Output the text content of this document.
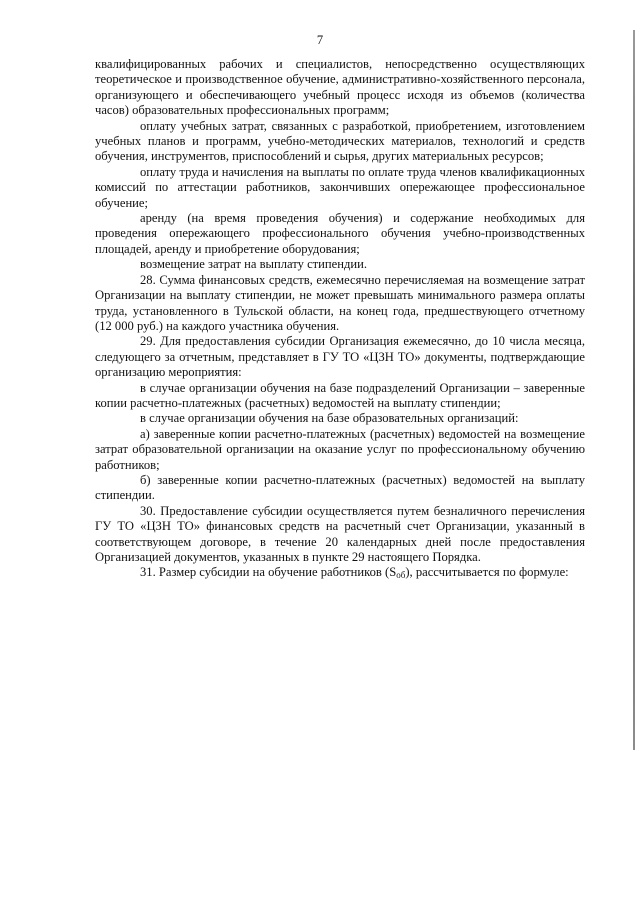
7

квалифицированных рабочих и специалистов, непосредственно осуществляющих теоретическое и производственное обучение, административно-хозяйственного персонала, организующего и обеспечивающего учебный процесс исходя из объемов (количества часов) образовательных профессиональных программ;

оплату учебных затрат, связанных с разработкой, приобретением, изготовлением учебных планов и программ, учебно-методических материалов, технологий и средств обучения, инструментов, приспособлений и сырья, других материальных ресурсов;

оплату труда и начисления на выплаты по оплате труда членов квалификационных комиссий по аттестации работников, закончивших опережающее профессиональное обучение;

аренду (на время проведения обучения) и содержание необходимых для проведения опережающего профессионального обучения учебно-производственных площадей, аренду и приобретение оборудования;

возмещение затрат на выплату стипендии.

28. Сумма финансовых средств, ежемесячно перечисляемая на возмещение затрат Организации на выплату стипендии, не может превышать минимального размера оплаты труда, установленного в Тульской области, на конец года, предшествующего отчетному (12 000 руб.) на каждого участника обучения.

29. Для предоставления субсидии Организация ежемесячно, до 10 числа месяца, следующего за отчетным, представляет в ГУ ТО «ЦЗН ТО» документы, подтверждающие организацию мероприятия:

в случае организации обучения на базе подразделений Организации – заверенные копии расчетно-платежных (расчетных) ведомостей на выплату стипендии;

в случае организации обучения на базе образовательных организаций:

а) заверенные копии расчетно-платежных (расчетных) ведомостей на возмещение затрат образовательной организации на оказание услуг по профессиональному обучению работников;

б) заверенные копии расчетно-платежных (расчетных) ведомостей на выплату стипендии.

30. Предоставление субсидии осуществляется путем безналичного перечисления ГУ ТО «ЦЗН ТО» финансовых средств на расчетный счет Организации, указанный в соответствующем договоре, в течение 20 календарных дней после предоставления Организацией документов, указанных в пункте 29 настоящего Порядка.

31. Размер субсидии на обучение работников $(S_{об})$, рассчитывается по формуле:
